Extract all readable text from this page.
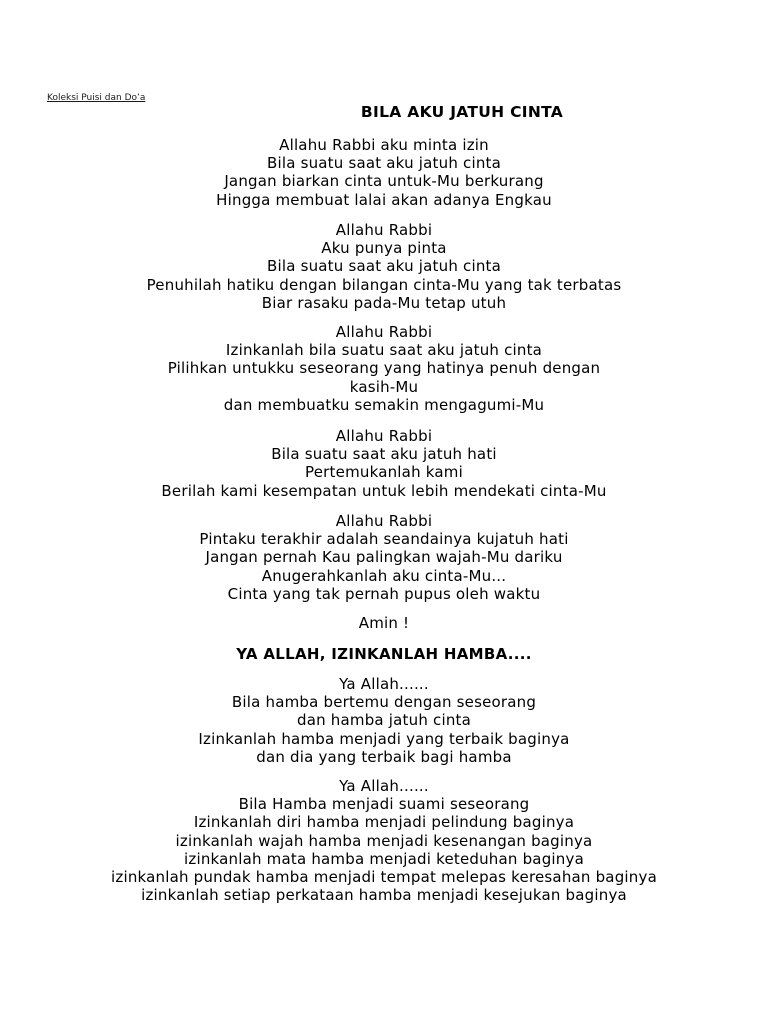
Koleksi Puisi dan Do’a
BILA AKU JATUH CINTA
Allahu Rabbi aku minta izin
Bila suatu saat aku jatuh cinta
Jangan biarkan cinta untuk-Mu berkurang
Hingga membuat lalai akan adanya Engkau
Allahu Rabbi
Aku punya pinta
Bila suatu saat aku jatuh cinta
Penuhilah hatiku dengan bilangan cinta-Mu yang tak terbatas
Biar rasaku pada-Mu tetap utuh
Allahu Rabbi
Izinkanlah bila suatu saat aku jatuh cinta
Pilihkan untukku seseorang yang hatinya penuh dengan
kasih-Mu
dan membuatku semakin mengagumi-Mu
Allahu Rabbi
Bila suatu saat aku jatuh hati
Pertemukanlah kami
Berilah kami kesempatan untuk lebih mendekati cinta-Mu
Allahu Rabbi
Pintaku terakhir adalah seandainya kujatuh hati
Jangan pernah Kau palingkan wajah-Mu dariku
Anugerahkanlah aku cinta-Mu...
Cinta yang tak pernah pupus oleh waktu
Amin !
YA ALLAH, IZINKANLAH HAMBA....
Ya Allah......
Bila hamba bertemu dengan seseorang
dan hamba jatuh cinta
Izinkanlah hamba menjadi yang terbaik baginya
dan dia yang terbaik bagi hamba
Ya Allah......
Bila Hamba menjadi suami seseorang
Izinkanlah diri hamba menjadi pelindung baginya
izinkanlah wajah hamba menjadi kesenangan baginya
izinkanlah mata hamba menjadi keteduhan baginya
izinkanlah pundak hamba menjadi tempat melepas keresahan baginya
izinkanlah setiap perkataan hamba menjadi kesejukan baginya
